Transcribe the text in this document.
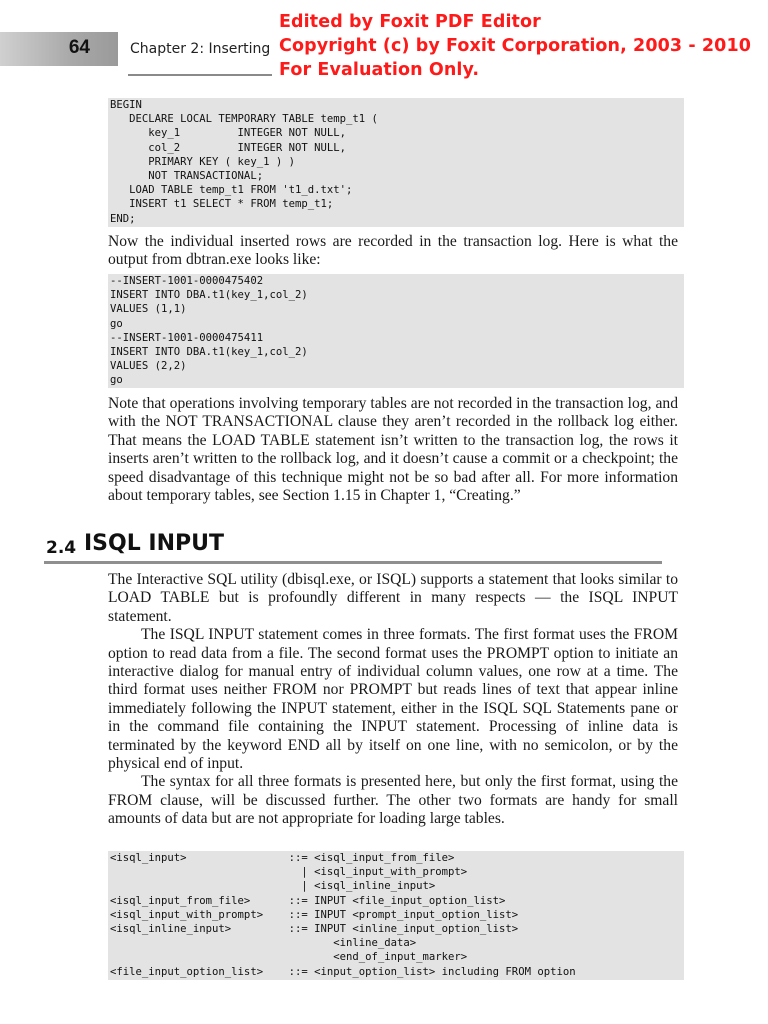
64	Chapter 2: Inserting
Edited by Foxit PDF Editor
Copyright (c) by Foxit Corporation, 2003 - 2010
For Evaluation Only.
BEGIN
DECLARE LOCAL TEMPORARY TABLE temp_t1 (
key_1         INTEGER NOT NULL,
col_2         INTEGER NOT NULL,
PRIMARY KEY ( key_1 ) )
NOT TRANSACTIONAL;
LOAD TABLE temp_t1 FROM 't1_d.txt';
INSERT t1 SELECT * FROM temp_t1;
END;

Now the individual inserted rows are recorded in the transaction log. Here is what the output from dbtran.exe looks like:

--INSERT-1001-0000475402
INSERT INTO DBA.t1(key_1,col_2)
VALUES (1,1)
go
--INSERT-1001-0000475411
INSERT INTO DBA.t1(key_1,col_2)
VALUES (2,2)
go

Note that operations involving temporary tables are not recorded in the transaction log, and with the NOT TRANSACTIONAL clause they aren’t recorded in the rollback log either. That means the LOAD TABLE statement isn’t written to the transaction log, the rows it inserts aren’t written to the rollback log, and it doesn’t cause a commit or a checkpoint; the speed disadvantage of this technique might not be so bad after all. For more information about temporary tables, see Section 1.15 in Chapter 1, “Creating.”

2.4 ISQL INPUT

The Interactive SQL utility (dbisql.exe, or ISQL) supports a statement that looks similar to LOAD TABLE but is profoundly different in many respects — the ISQL INPUT statement.

The ISQL INPUT statement comes in three formats. The first format uses the FROM option to read data from a file. The second format uses the PROMPT option to initiate an interactive dialog for manual entry of individual column values, one row at a time. The third format uses neither FROM nor PROMPT but reads lines of text that appear inline immediately following the INPUT statement, either in the ISQL SQL Statements pane or in the command file containing the INPUT statement. Processing of inline data is terminated by the keyword END all by itself on one line, with no semicolon, or by the physical end of input.

The syntax for all three formats is presented here, but only the first format, using the FROM clause, will be discussed further. The other two formats are handy for small amounts of data but are not appropriate for loading large tables.

<isql_input>                ::= <isql_input_from_file>
| <isql_input_with_prompt>
| <isql_inline_input>
<isql_input_from_file>      ::= INPUT <file_input_option_list>
<isql_input_with_prompt>    ::= INPUT <prompt_input_option_list>
<isql_inline_input>         ::= INPUT <inline_input_option_list>
<inline_data>
<end_of_input_marker>
<file_input_option_list>    ::= <input_option_list> including FROM option
